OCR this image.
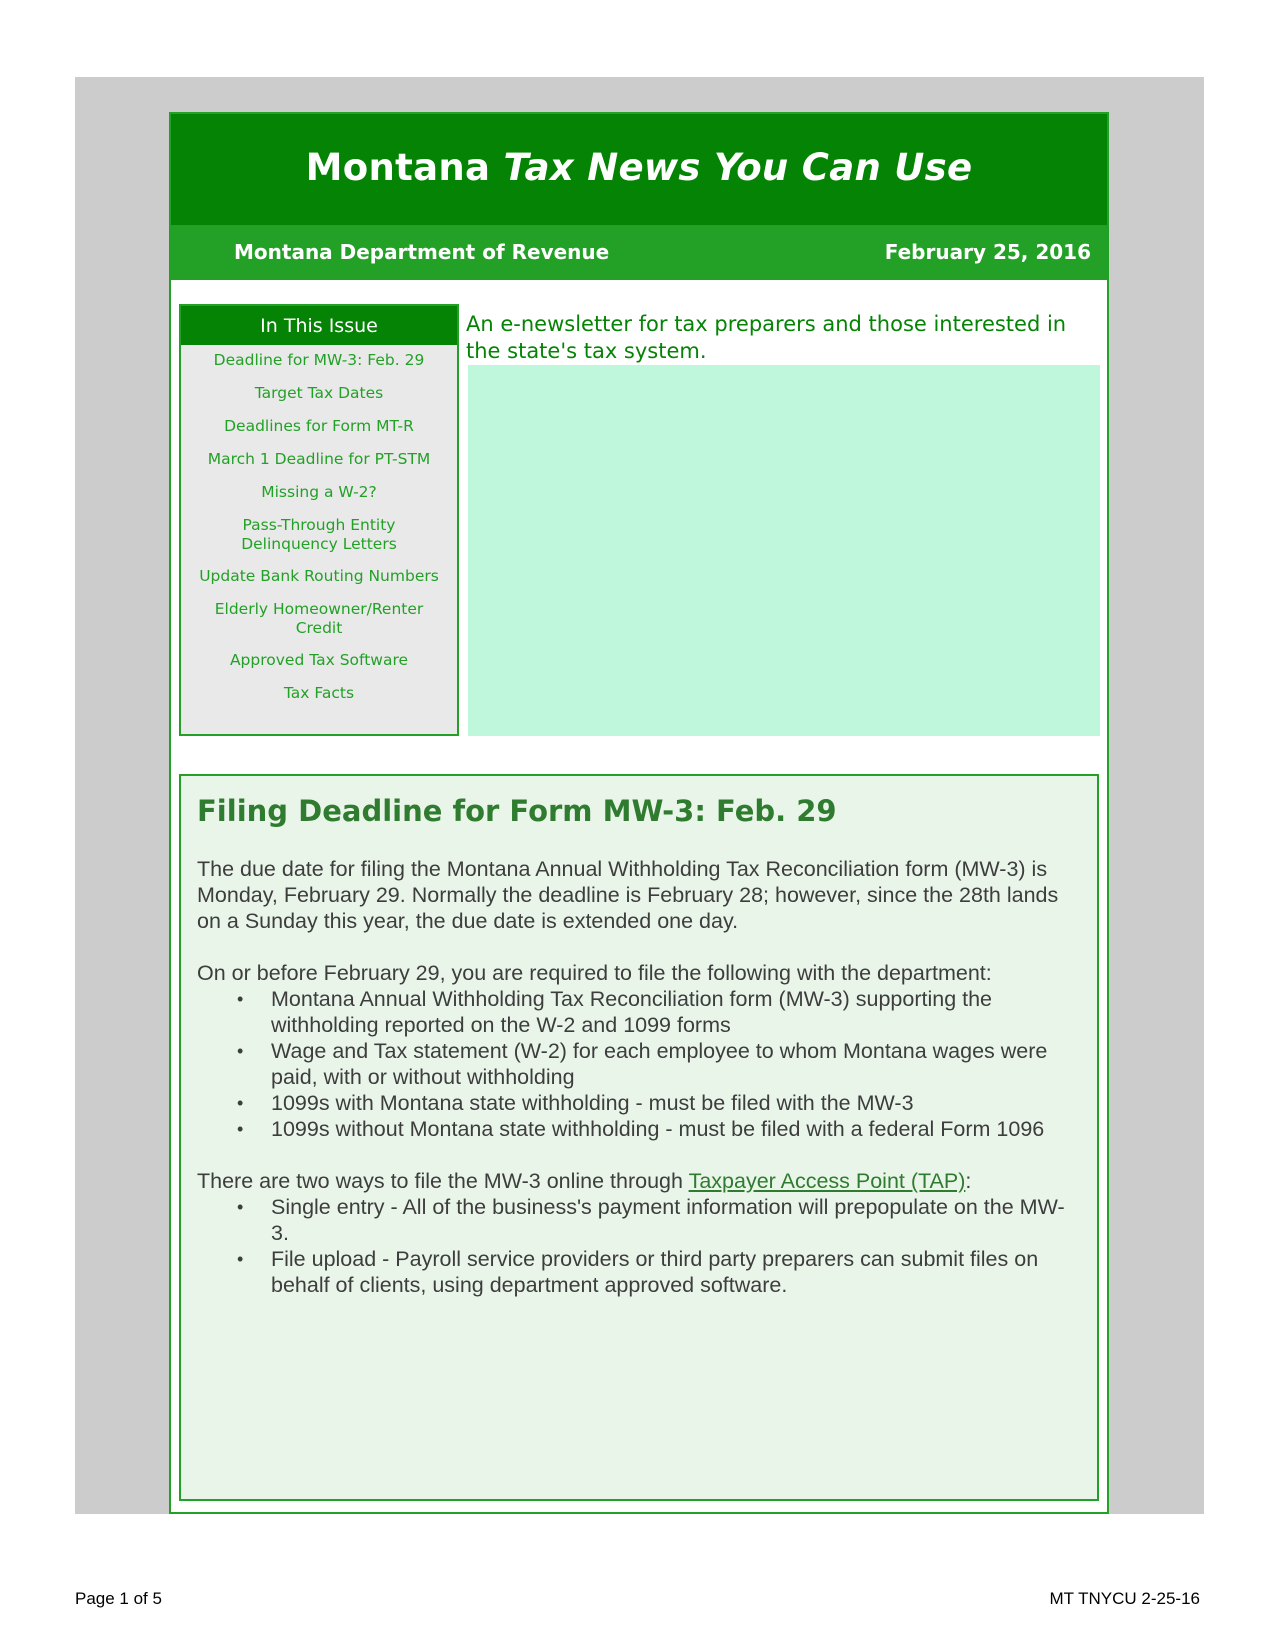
Montana Tax News You Can Use
Montana Department of Revenue	February 25, 2016
In This Issue
Deadline for MW-3: Feb. 29
Target Tax Dates
Deadlines for Form MT-R
March 1 Deadline for PT-STM
Missing a W-2?
Pass-Through Entity Delinquency Letters
Update Bank Routing Numbers
Elderly Homeowner/Renter Credit
Approved Tax Software
Tax Facts
An e-newsletter for tax preparers and those interested in the state's tax system.
Filing Deadline for Form MW-3: Feb. 29

The due date for filing the Montana Annual Withholding Tax Reconciliation form (MW-3) is Monday, February 29. Normally the deadline is February 28; however, since the 28th lands on a Sunday this year, the due date is extended one day.

On or before February 29, you are required to file the following with the department:

• Montana Annual Withholding Tax Reconciliation form (MW-3) supporting the withholding reported on the W-2 and 1099 forms
• Wage and Tax statement (W-2) for each employee to whom Montana wages were paid, with or without withholding
• 1099s with Montana state withholding - must be filed with the MW-3
• 1099s without Montana state withholding - must be filed with a federal Form 1096

There are two ways to file the MW-3 online through Taxpayer Access Point (TAP):

• Single entry - All of the business's payment information will prepopulate on the MW-3.
• File upload - Payroll service providers or third party preparers can submit files on behalf of clients, using department approved software.
Page 1 of 5	MT TNYCU 2-25-16
